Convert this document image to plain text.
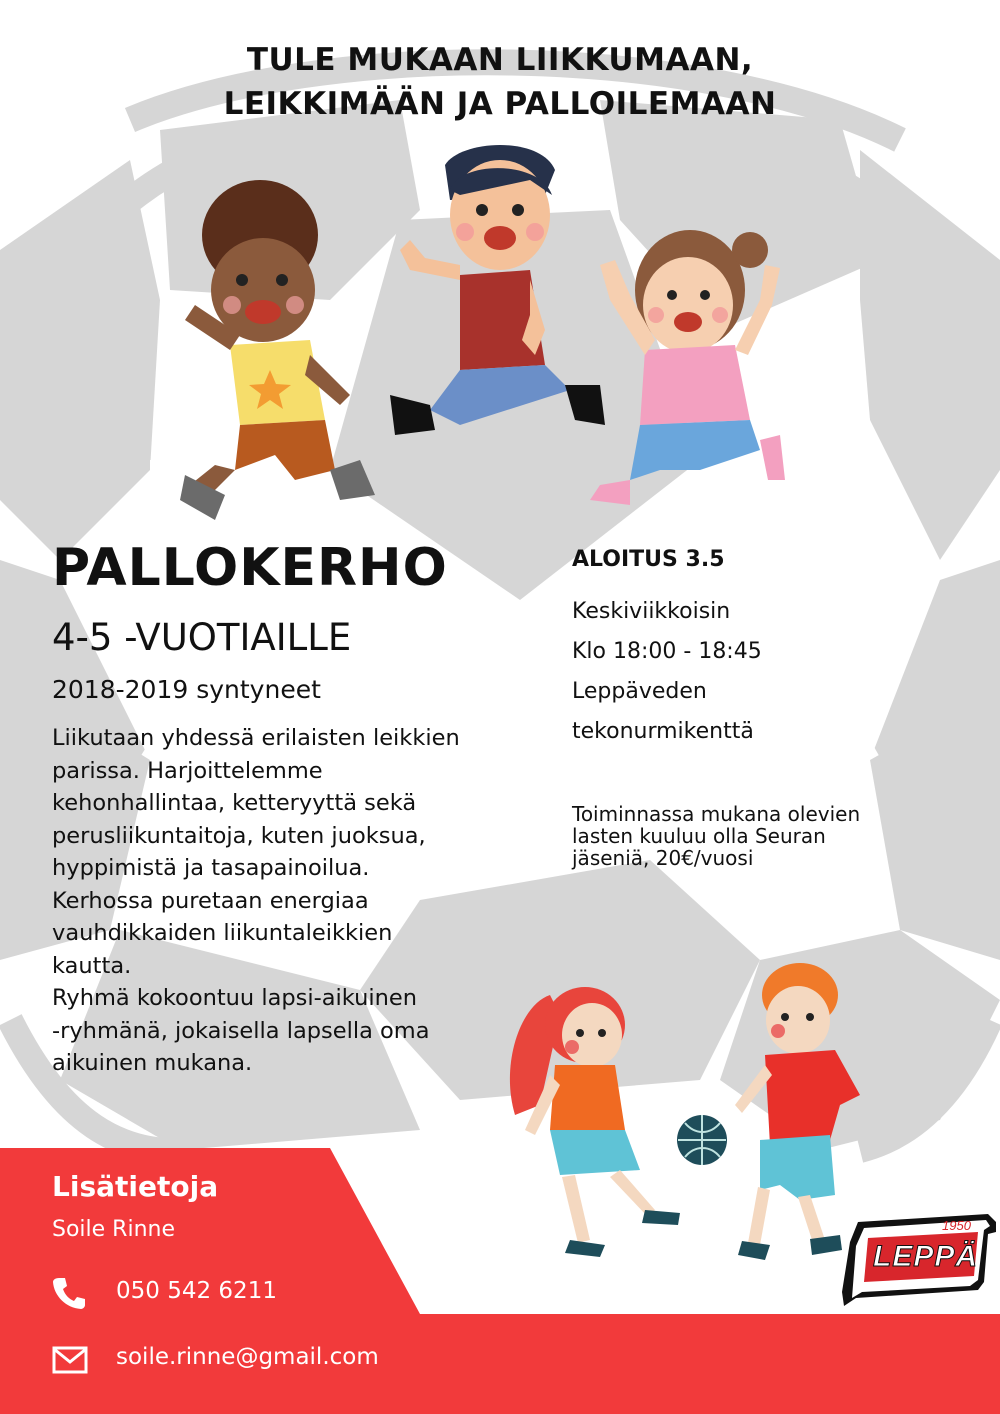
TULE MUKAAN LIIKKUMAAN,
LEIKKIMÄÄN JA PALLOILEMAAN
PALLOKERHO

4-5 -VUOTIAILLE

2018-2019 syntyneet

Liikutaan yhdessä erilaisten leikkien
parissa. Harjoittelemme
kehonhallintaa, ketteryyttä sekä
perusliikuntaitoja, kuten juoksua,
hyppimistä ja tasapainoilua.
Kerhossa puretaan energiaa
vauhdikkaiden liikuntaleikkien
kautta.
Ryhmä kokoontuu lapsi-aikuinen
-ryhmänä, jokaisella lapsella oma
aikuinen mukana.

ALOITUS 3.5

Keskiviikkoisin
Klo 18:00 - 18:45
Leppäveden
tekonurmikenttä

Toiminnassa mukana olevien
lasten kuuluu olla Seuran
jäseniä, 20€/vuosi

Lisätietoja

Soile Rinne

050 542 6211
soile.rinne@gmail.com

1950

LEPPÄ
